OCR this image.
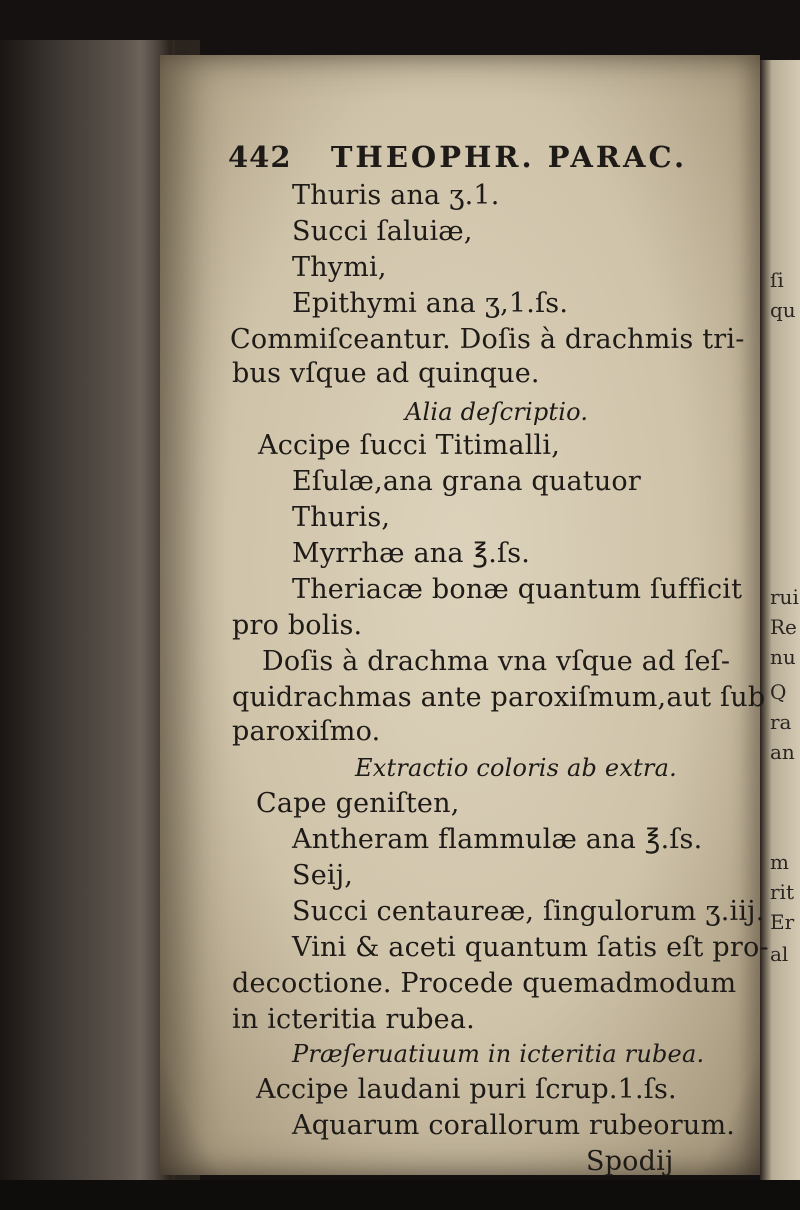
ſi
qu
rui
Re
nu
Q
ra
an
m
rit
Er
al
442 THEOPHR. PARAC.
Thuris ana ʒ.1.
Succi ſaluiæ,
Thymi,
Epithymi ana ʒ,1.ſs.
Commiſceantur. Doſis à drachmis tri-
bus vſque ad quinque.
Alia deſcriptio.
Accipe ſucci Titimalli,
Eſulæ,ana grana quatuor
Thuris,
Myrrhæ ana ℥.ſs.
Theriacæ bonæ quantum ſufficit
pro bolis.
Doſis à drachma vna vſque ad ſeſ-
quidrachmas ante paroxiſmum,aut ſub
paroxiſmo.
Extractio coloris ab extra.
Cape geniſten,
Antheram flammulæ ana ℥.ſs.
Seij,
Succi centaureæ, ſingulorum ʒ.iij.
Vini & aceti quantum ſatis eſt pro-
decoctione. Procede quemadmodum
in icteritia rubea.
Præſeruatiuum in icteritia rubea.
Accipe laudani puri ſcrup.1.ſs.
Aquarum corallorum rubeorum.
Spodij
